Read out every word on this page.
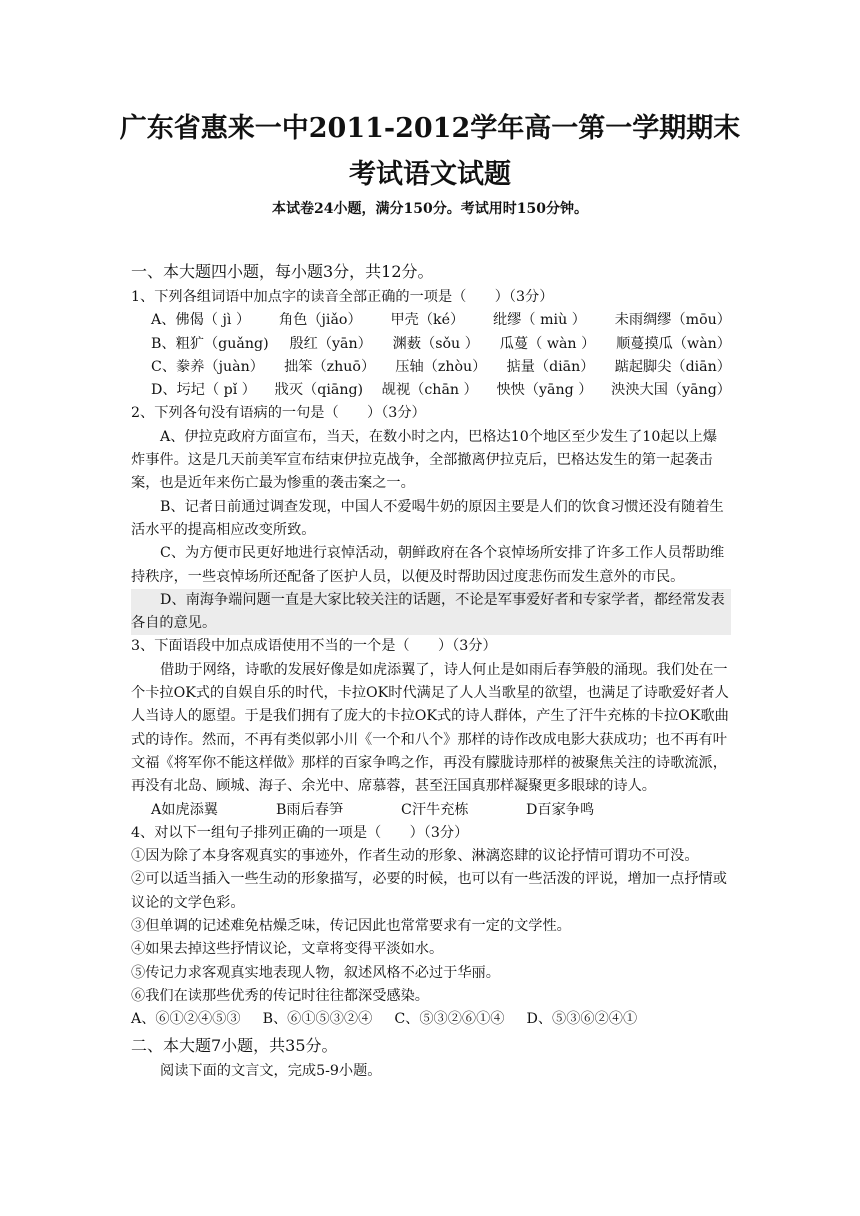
广东省惠来一中2011-2012学年高一第一学期期末考试语文试题
本试卷24小题，满分150分。考试用时150分钟。

一、本大题四小题，每小题3分，共12分。

1、下列各组词语中加点字的读音全部正确的一项是（　　）（3分）

A、佛偈（ jì ） 角色（jiǎo） 甲壳（ké） 纰缪（ miù ） 未雨绸缪（mōu）
B、粗犷（guǎng) 殷红（yān） 渊薮（sǒu ） 瓜蔓（ wàn ） 顺蔓摸瓜（wàn）
C、豢养（juàn） 拙笨（zhuō） 压轴（zhòu） 掂量（diān） 踮起脚尖（diān）
D、圬圮（ pǐ ） 戕灭（qiāng) 觇视（chān ） 怏怏（yāng ） 泱泱大国（yāng）

2、下列各句没有语病的一句是（　　）（3分）

A、伊拉克政府方面宣布，当天，在数小时之内，巴格达10个地区至少发生了10起以上爆炸事件。这是几天前美军宣布结束伊拉克战争，全部撤离伊拉克后，巴格达发生的第一起袭击案，也是近年来伤亡最为惨重的袭击案之一。

B、记者日前通过调查发现，中国人不爱喝牛奶的原因主要是人们的饮食习惯还没有随着生活水平的提高相应改变所致。

C、为方便市民更好地进行哀悼活动，朝鲜政府在各个哀悼场所安排了许多工作人员帮助维持秩序，一些哀悼场所还配备了医护人员，以便及时帮助因过度悲伤而发生意外的市民。

D、南海争端问题一直是大家比较关注的话题，不论是军事爱好者和专家学者，都经常发表各自的意见。

3、下面语段中加点成语使用不当的一个是（　　）（3分）

借助于网络，诗歌的发展好像是如虎添翼了，诗人何止是如雨后春笋般的涌现。我们处在一个卡拉OK式的自娱自乐的时代，卡拉OK时代满足了人人当歌星的欲望，也满足了诗歌爱好者人人当诗人的愿望。于是我们拥有了庞大的卡拉OK式的诗人群体，产生了汗牛充栋的卡拉OK歌曲式的诗作。然而，不再有类似郭小川《一个和八个》那样的诗作改成电影大获成功；也不再有叶文福《将军你不能这样做》那样的百家争鸣之作，再没有朦胧诗那样的被聚焦关注的诗歌流派，再没有北岛、顾城、海子、余光中、席慕蓉，甚至汪国真那样凝聚更多眼球的诗人。

A如虎添翼	B雨后春笋	C汗牛充栋	D百家争鸣

4、对以下一组句子排列正确的一项是（　　）（3分）

①因为除了本身客观真实的事迹外，作者生动的形象、淋漓恣肆的议论抒情可谓功不可没。

②可以适当插入一些生动的形象描写，必要的时候，也可以有一些活泼的评说，增加一点抒情或议论的文学色彩。

③但单调的记述难免枯燥乏味，传记因此也常常要求有一定的文学性。

④如果去掉这些抒情议论，文章将变得平淡如水。

⑤传记力求客观真实地表现人物，叙述风格不必过于华丽。

⑥我们在读那些优秀的传记时往往都深受感染。

A、⑥①②④⑤③ B、⑥①⑤③②④ C、⑤③②⑥①④ D、⑤③⑥②④①

二、本大题7小题，共35分。

阅读下面的文言文，完成5-9小题。
